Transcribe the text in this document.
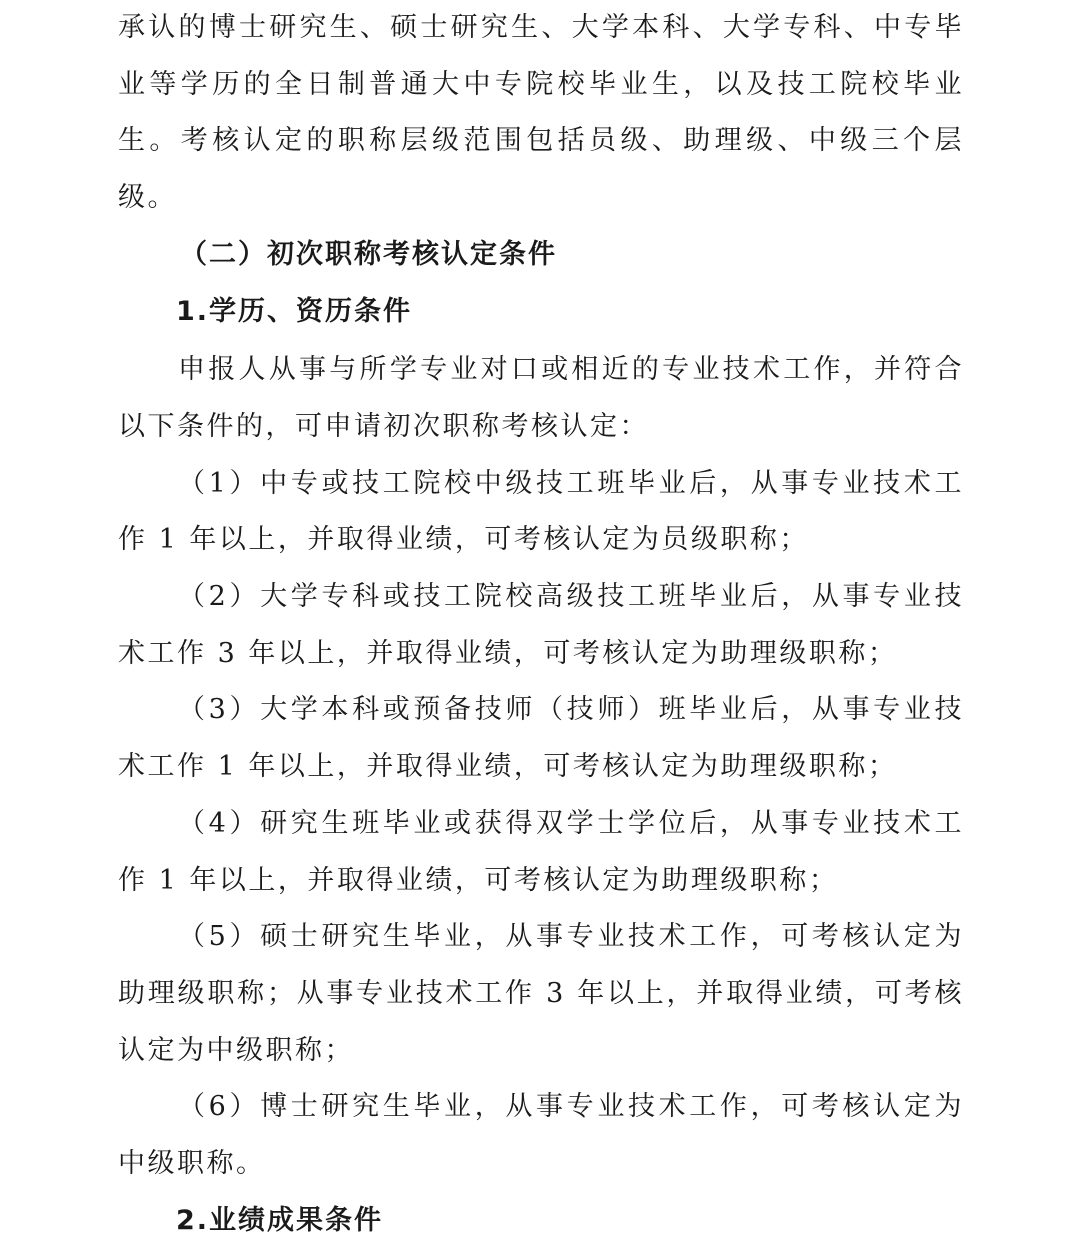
承认的博士研究生、硕士研究生、大学本科、大学专科、中专毕业等学历的全日制普通大中专院校毕业生，以及技工院校毕业生。考核认定的职称层级范围包括员级、助理级、中级三个层级。

（二）初次职称考核认定条件

1.学历、资历条件

申报人从事与所学专业对口或相近的专业技术工作，并符合以下条件的，可申请初次职称考核认定：

（1）中专或技工院校中级技工班毕业后，从事专业技术工作 1 年以上，并取得业绩，可考核认定为员级职称；

（2）大学专科或技工院校高级技工班毕业后，从事专业技术工作 3 年以上，并取得业绩，可考核认定为助理级职称；

（3）大学本科或预备技师（技师）班毕业后，从事专业技术工作 1 年以上，并取得业绩，可考核认定为助理级职称；

（4）研究生班毕业或获得双学士学位后，从事专业技术工作 1 年以上，并取得业绩，可考核认定为助理级职称；

（5）硕士研究生毕业，从事专业技术工作，可考核认定为助理级职称；从事专业技术工作 3 年以上，并取得业绩，可考核认定为中级职称；

（6）博士研究生毕业，从事专业技术工作，可考核认定为中级职称。

2.业绩成果条件
